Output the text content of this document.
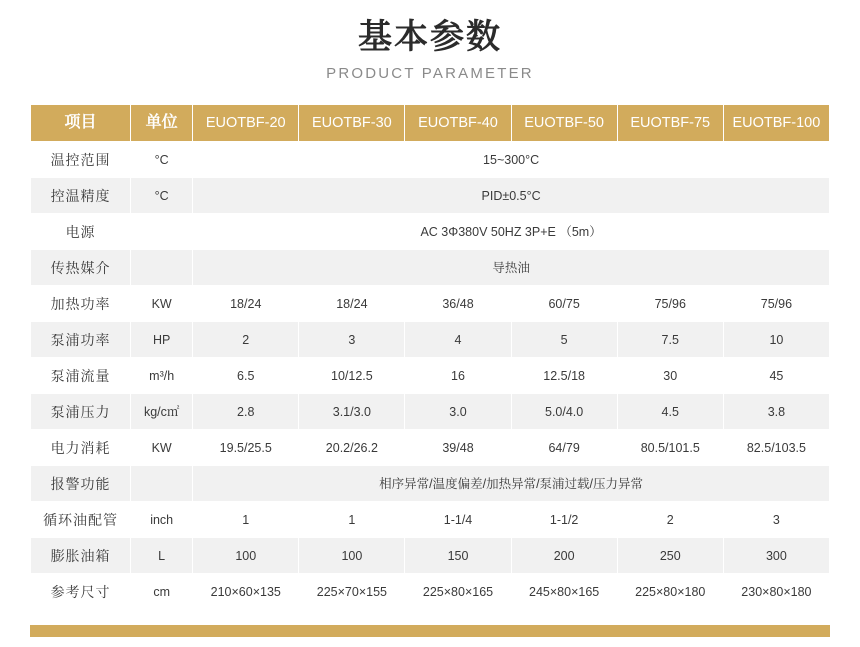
基本参数
PRODUCT PARAMETER
项目	单位	EUOTBF-20	EUOTBF-30	EUOTBF-40	EUOTBF-50	EUOTBF-75	EUOTBF-100
温控范围	°C	15~300°C					
控温精度	°C	PID±0.5°C					
电源		AC 3Φ380V 50HZ 3P+E （5m）					
传热媒介		导热油					
加热功率	KW	18/24	18/24	36/48	60/75	75/96	75/96
泵浦功率	HP	2	3	4	5	7.5	10
泵浦流量	m³/h	6.5	10/12.5	16	12.5/18	30	45
泵浦压力	kg/c㎡	2.8	3.1/3.0	3.0	5.0/4.0	4.5	3.8
电力消耗	KW	19.5/25.5	20.2/26.2	39/48	64/79	80.5/101.5	82.5/103.5
报警功能		相序异常/温度偏差/加热异常/泵浦过载/压力异常					
循环油配管	inch	1	1	1-1/4	1-1/2	2	3
膨胀油箱	L	100	100	150	200	250	300
参考尺寸	cm	210×60×135	225×70×155	225×80×165	245×80×165	225×80×180	230×80×180
